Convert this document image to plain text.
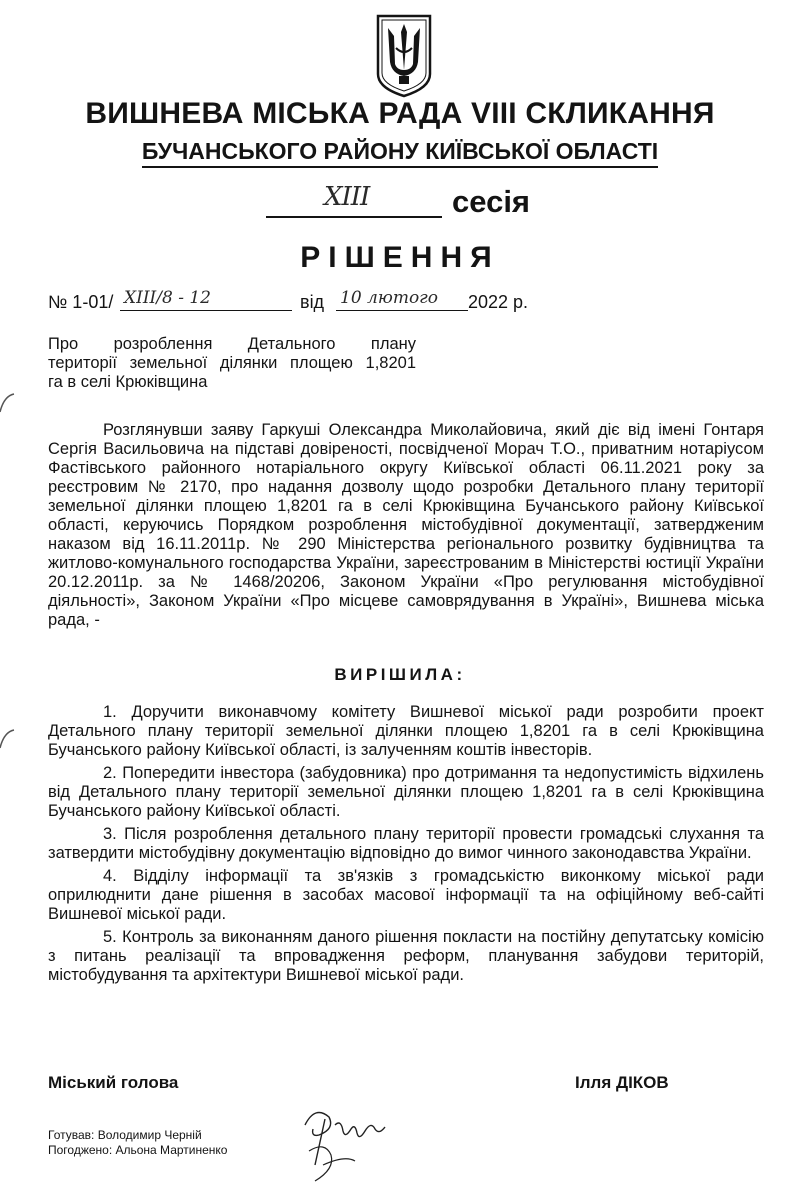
ВИШНЕВА МІСЬКА РАДА VIII СКЛИКАННЯ
БУЧАНСЬКОГО РАЙОНУ КИЇВСЬКОЇ ОБЛАСТІ
XIII	сесія
РІШЕННЯ
№ 1-01/ XIII/8 - 12	від 10 лютого 2022 р.
Про розроблення Детального плану
території земельної ділянки площею 1,8201
га в селі Крюківщина

Розглянувши заяву Гаркуші Олександра Миколайовича, який діє від імені Гонтаря Сергія Васильовича на підставі довіреності, посвідченої Морач Т.О., приватним нотаріусом Фастівського районного нотаріального округу Київської області 06.11.2021 року за реєстровим № 2170, про надання дозволу щодо розробки Детального плану території земельної ділянки площею 1,8201 га в селі Крюківщина Бучанського району Київської області, керуючись Порядком розроблення містобудівної документації, затвердженим наказом від 16.11.2011р. № 290 Міністерства регіонального розвитку будівництва та житлово-комунального господарства України, зареєстрованим в Міністерстві юстиції України 20.12.2011р. за № 1468/20206, Законом України «Про регулювання містобудівної діяльності», Законом України «Про місцеве самоврядування в Україні», Вишнева міська рада, -

ВИРІШИЛА:

1. Доручити виконавчому комітету Вишневої міської ради розробити проект Детального плану території земельної ділянки площею 1,8201 га в селі Крюківщина Бучанського району Київської області, із залученням коштів інвесторів.

2. Попередити інвестора (забудовника) про дотримання та недопустимість відхилень від Детального плану території земельної ділянки площею 1,8201 га в селі Крюківщина Бучанського району Київської області.

3. Після розроблення детального плану території провести громадські слухання та затвердити містобудівну документацію відповідно до вимог чинного законодавства України.

4. Відділу інформації та зв'язків з громадськістю виконкому міської ради оприлюднити дане рішення в засобах масової інформації та на офіційному веб-сайті Вишневої міської ради.

5. Контроль за виконанням даного рішення покласти на постійну депутатську комісію з питань реалізації та впровадження реформ, планування забудови територій, містобудування та архітектури Вишневої міської ради.

Міський голова	Ілля ДІКОВ
Готував: Володимир Черній
Погоджено: Альона Мартиненко
